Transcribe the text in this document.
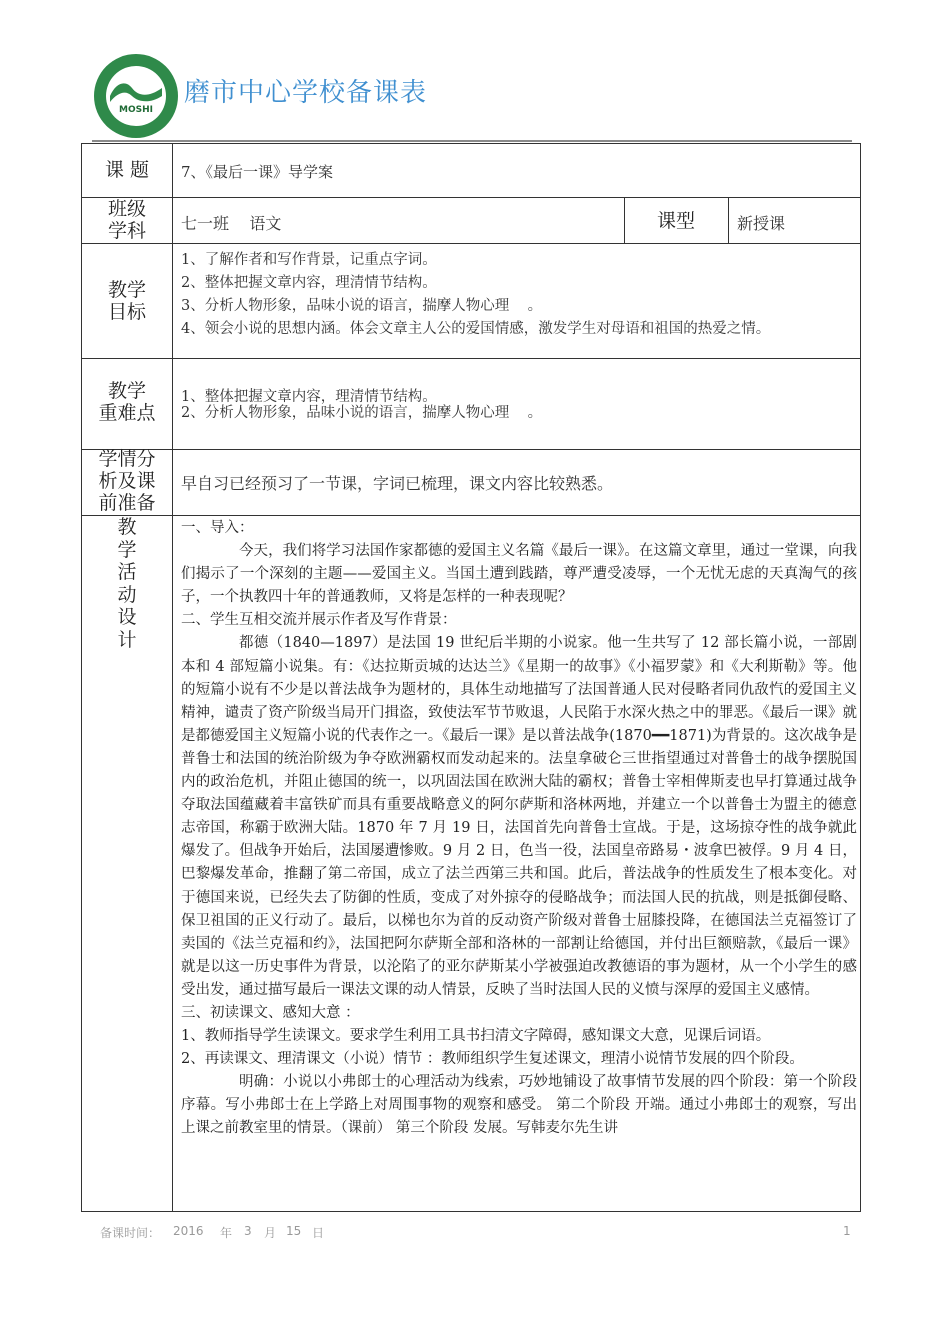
MOSHI
磨市中心学校备课表
课 题	7、《最后一课》导学案
班级
学科	七一班    语文	课型	新授课
教学
目标

1、了解作者和写作背景，记重点字词。

2、整体把握文章内容，理清情节结构。

3、分析人物形象，品味小说的语言，揣摩人物心理    。

4、领会小说的思想内涵。体会文章主人公的爱国情感，激发学生对母语和祖国的热爱之情。

教学
重难点

1、整体把握文章内容，理清情节结构。

2、分析人物形象，品味小说的语言，揣摩人物心理    。

学情分
析及课
前准备
早自习已经预习了一节课，字词已梳理，课文内容比较熟悉。
教
学
活
动
设
计

一、导入：

今天，我们将学习法国作家都德的爱国主义名篇《最后一课》。在这篇文章里，通过一堂课，向我们揭示了一个深刻的主题——爱国主义。当国土遭到践踏，尊严遭受凌辱，一个无忧无虑的天真淘气的孩子，一个执教四十年的普通教师，又将是怎样的一种表现呢？

二、学生互相交流并展示作者及写作背景：

都德（1840—1897）是法国 19 世纪后半期的小说家。他一生共写了 12 部长篇小说，一部剧本和 4 部短篇小说集。有：《达拉斯贡城的达达兰》《星期一的故事》《小福罗蒙》和《大利斯勒》等。他的短篇小说有不少是以普法战争为题材的，具体生动地描写了法国普通人民对侵略者同仇敌忾的爱国主义精神，谴责了资产阶级当局开门揖盗，致使法军节节败退，人民陷于水深火热之中的罪恶。《最后一课》就是都德爱国主义短篇小说的代表作之一。《最后一课》是以普法战争(1870━━1871)为背景的。这次战争是普鲁士和法国的统治阶级为争夺欧洲霸权而发动起来的。法皇拿破仑三世指望通过对普鲁士的战争摆脱国内的政治危机，并阻止德国的统一，以巩固法国在欧洲大陆的霸权；普鲁士宰相俾斯麦也早打算通过战争夺取法国蕴藏着丰富铁矿而具有重要战略意义的阿尔萨斯和洛林两地，并建立一个以普鲁士为盟主的德意志帝国，称霸于欧洲大陆。1870 年 7 月 19 日，法国首先向普鲁士宣战。于是，这场掠夺性的战争就此爆发了。但战争开始后，法国屡遭惨败。9 月 2 日，色当一役，法国皇帝路易・波拿巴被俘。9 月 4 日，巴黎爆发革命，推翻了第二帝国，成立了法兰西第三共和国。此后，普法战争的性质发生了根本变化。对于德国来说，已经失去了防御的性质，变成了对外掠夺的侵略战争；而法国人民的抗战，则是抵御侵略、保卫祖国的正义行动了。最后，以梯也尔为首的反动资产阶级对普鲁士屈膝投降，在德国法兰克福签订了卖国的《法兰克福和约》，法国把阿尔萨斯全部和洛林的一部割让给德国，并付出巨额赔款，《最后一课》就是以这一历史事件为背景，以沦陷了的亚尔萨斯某小学被强迫改教德语的事为题材，从一个小学生的感受出发，通过描写最后一课法文课的动人情景，反映了当时法国人民的义愤与深厚的爱国主义感情。

三、初读课文、感知大意 ：

1、教师指导学生读课文。要求学生利用工具书扫清文字障碍，感知课文大意，见课后词语。

2、再读课文、理清课文（小说）情节 ：教师组织学生复述课文，理清小说情节发展的四个阶段。

明确：小说以小弗郎士的心理活动为线索，巧妙地铺设了故事情节发展的四个阶段：第一个阶段 序幕。写小弗郎士在上学路上对周围事物的观察和感受。 第二个阶段 开端。通过小弗郎士的观察，写出上课之前教室里的情景。（课前） 第三个阶段 发展。写韩麦尔先生讲

备课时间： 2016 年 3 月 15 日	1
